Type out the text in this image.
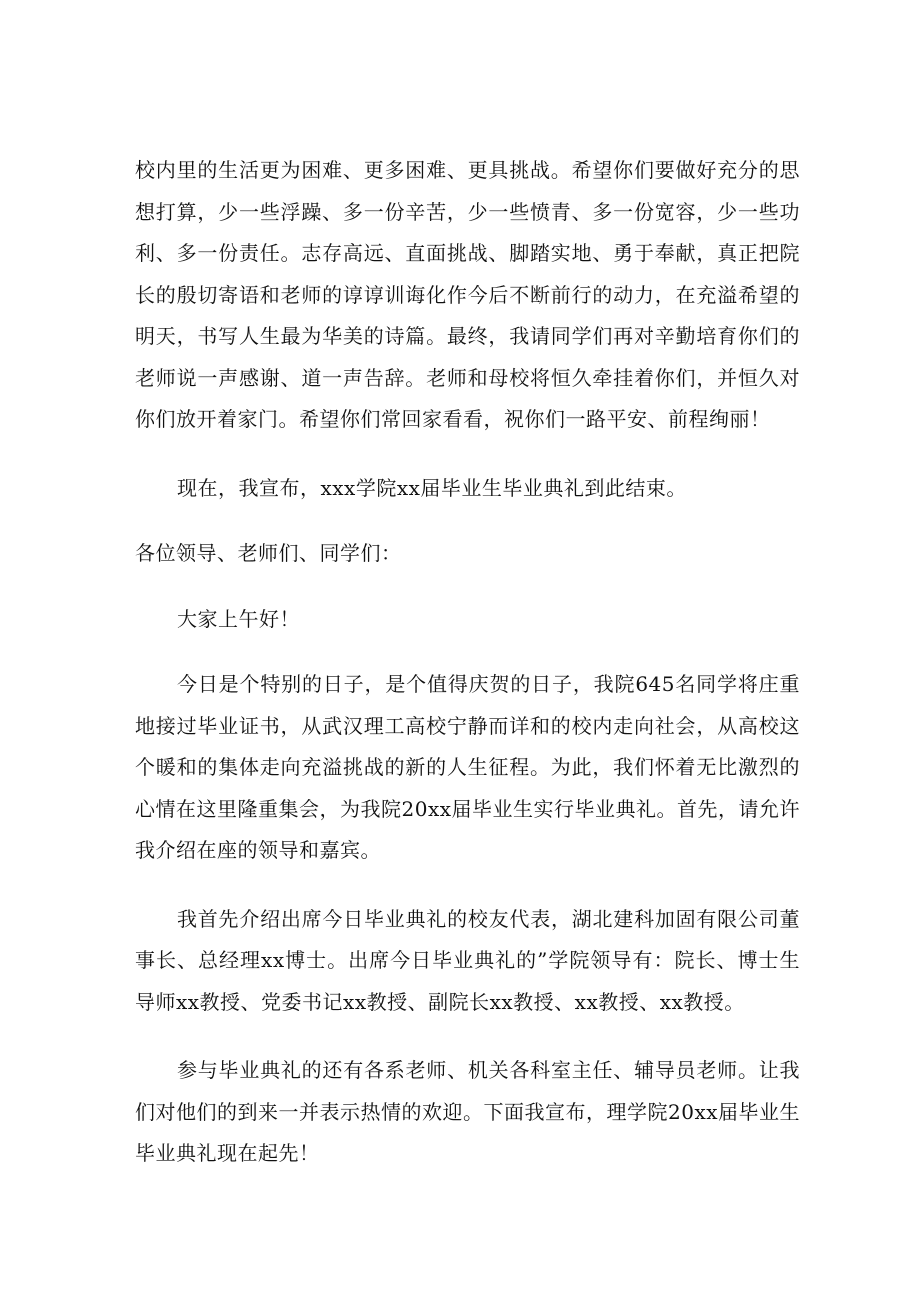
校内里的生活更为困难、更多困难、更具挑战。希望你们要做好充分的思想打算，少一些浮躁、多一份辛苦，少一些愤青、多一份宽容，少一些功利、多一份责任。志存高远、直面挑战、脚踏实地、勇于奉献，真正把院长的殷切寄语和老师的谆谆训诲化作今后不断前行的动力，在充溢希望的明天，书写人生最为华美的诗篇。最终，我请同学们再对辛勤培育你们的老师说一声感谢、道一声告辞。老师和母校将恒久牵挂着你们，并恒久对你们放开着家门。希望你们常回家看看，祝你们一路平安、前程绚丽！

现在，我宣布，xxx学院xx届毕业生毕业典礼到此结束。

各位领导、老师们、同学们：

大家上午好！

今日是个特别的日子，是个值得庆贺的日子，我院645名同学将庄重地接过毕业证书，从武汉理工高校宁静而详和的校内走向社会，从高校这个暖和的集体走向充溢挑战的新的人生征程。为此，我们怀着无比激烈的心情在这里隆重集会，为我院20xx届毕业生实行毕业典礼。首先，请允许我介绍在座的领导和嘉宾。

我首先介绍出席今日毕业典礼的校友代表，湖北建科加固有限公司董事长、总经理xx博士。出席今日毕业典礼的”学院领导有：院长、博士生导师xx教授、党委书记xx教授、副院长xx教授、xx教授、xx教授。

参与毕业典礼的还有各系老师、机关各科室主任、辅导员老师。让我们对他们的到来一并表示热情的欢迎。下面我宣布，理学院20xx届毕业生毕业典礼现在起先！
